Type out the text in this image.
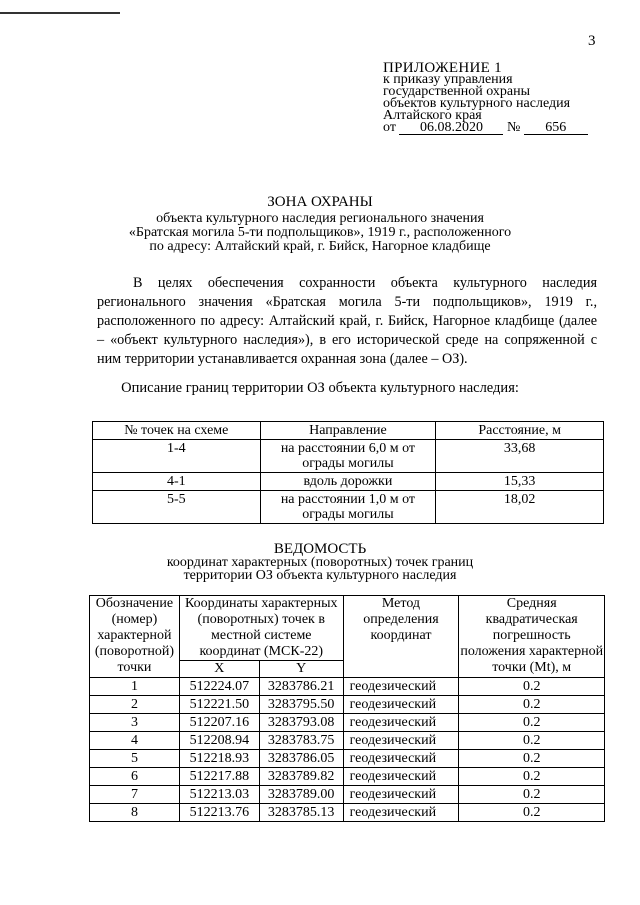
3
ПРИЛОЖЕНИЕ 1
к приказу управления
государственной охраны
объектов культурного наследия
Алтайского края
от 06.08.2020 № 656
ЗОНА ОХРАНЫ
объекта культурного наследия регионального значения
«Братская могила 5-ти подпольщиков», 1919 г., расположенного
по адресу: Алтайский край, г. Бийск, Нагорное кладбище
В целях обеспечения сохранности объекта культурного наследия регионального значения «Братская могила 5-ти подпольщиков», 1919 г., расположенного по адресу: Алтайский край, г. Бийск, Нагорное кладбище (далее – «объект культурного наследия»), в его исторической среде на сопряженной с ним территории устанавливается охранная зона (далее – ОЗ).
Описание границ территории ОЗ объекта культурного наследия:
№ точек на схеме	Направление	Расстояние, м
1-4	на расстоянии 6,0 м от ограды могилы	33,68
4-1	вдоль дорожки	15,33
5-5	на расстоянии 1,0 м от ограды могилы	18,02
ВЕДОМОСТЬ
координат характерных (поворотных) точек границ
территории ОЗ объекта культурного наследия
Обозначение (номер) характерной (поворотной) точки	Координаты характерных (поворотных) точек в местной системе координат (МСК-22)		Метод определения координат	Средняя квадратическая погрешность положения характерной точки (Mt), м
	X	Y		
1	512224.07	3283786.21	геодезический	0.2
2	512221.50	3283795.50	геодезический	0.2
3	512207.16	3283793.08	геодезический	0.2
4	512208.94	3283783.75	геодезический	0.2
5	512218.93	3283786.05	геодезический	0.2
6	512217.88	3283789.82	геодезический	0.2
7	512213.03	3283789.00	геодезический	0.2
8	512213.76	3283785.13	геодезический	0.2
